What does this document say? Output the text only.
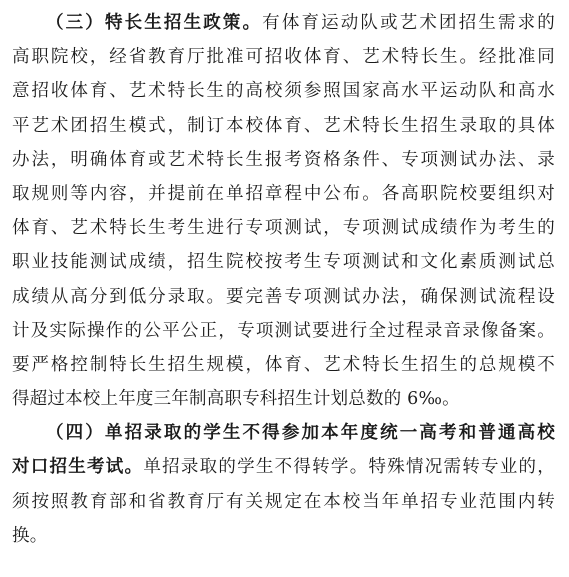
（三）特长生招生政策。有体育运动队或艺术团招生需求的
高职院校，经省教育厅批准可招收体育、艺术特长生。经批准同
意招收体育、艺术特长生的高校须参照国家高水平运动队和高水
平艺术团招生模式，制订本校体育、艺术特长生招生录取的具体
办法，明确体育或艺术特长生报考资格条件、专项测试办法、录
取规则等内容，并提前在单招章程中公布。各高职院校要组织对
体育、艺术特长生考生进行专项测试，专项测试成绩作为考生的
职业技能测试成绩，招生院校按考生专项测试和文化素质测试总
成绩从高分到低分录取。要完善专项测试办法，确保测试流程设
计及实际操作的公平公正，专项测试要进行全过程录音录像备案。
要严格控制特长生招生规模，体育、艺术特长生招生的总规模不
得超过本校上年度三年制高职专科招生计划总数的 6‰。
（四）单招录取的学生不得参加本年度统一高考和普通高校
对口招生考试。单招录取的学生不得转学。特殊情况需转专业的，
须按照教育部和省教育厅有关规定在本校当年单招专业范围内转
换。
